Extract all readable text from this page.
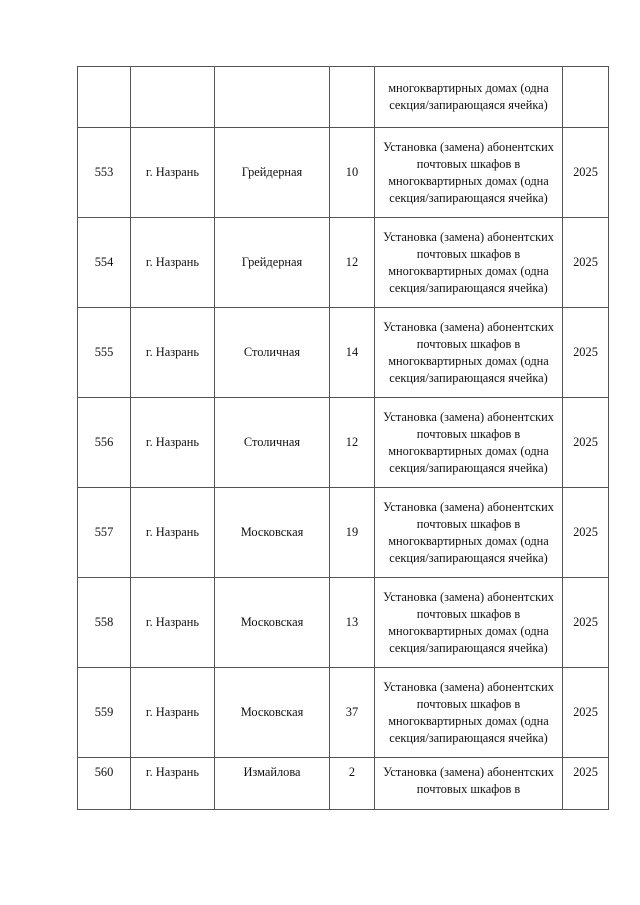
				многоквартирных домах (одна
секция/запирающаяся ячейка)	
553	г. Назрань	Грейдерная	10	Установка (замена) абонентских
почтовых шкафов в
многоквартирных домах (одна
секция/запирающаяся ячейка)	2025
554	г. Назрань	Грейдерная	12	Установка (замена) абонентских
почтовых шкафов в
многоквартирных домах (одна
секция/запирающаяся ячейка)	2025
555	г. Назрань	Столичная	14	Установка (замена) абонентских
почтовых шкафов в
многоквартирных домах (одна
секция/запирающаяся ячейка)	2025
556	г. Назрань	Столичная	12	Установка (замена) абонентских
почтовых шкафов в
многоквартирных домах (одна
секция/запирающаяся ячейка)	2025
557	г. Назрань	Московская	19	Установка (замена) абонентских
почтовых шкафов в
многоквартирных домах (одна
секция/запирающаяся ячейка)	2025
558	г. Назрань	Московская	13	Установка (замена) абонентских
почтовых шкафов в
многоквартирных домах (одна
секция/запирающаяся ячейка)	2025
559	г. Назрань	Московская	37	Установка (замена) абонентских
почтовых шкафов в
многоквартирных домах (одна
секция/запирающаяся ячейка)	2025
560	г. Назрань	Измайлова	2	Установка (замена) абонентских
почтовых шкафов в	2025
